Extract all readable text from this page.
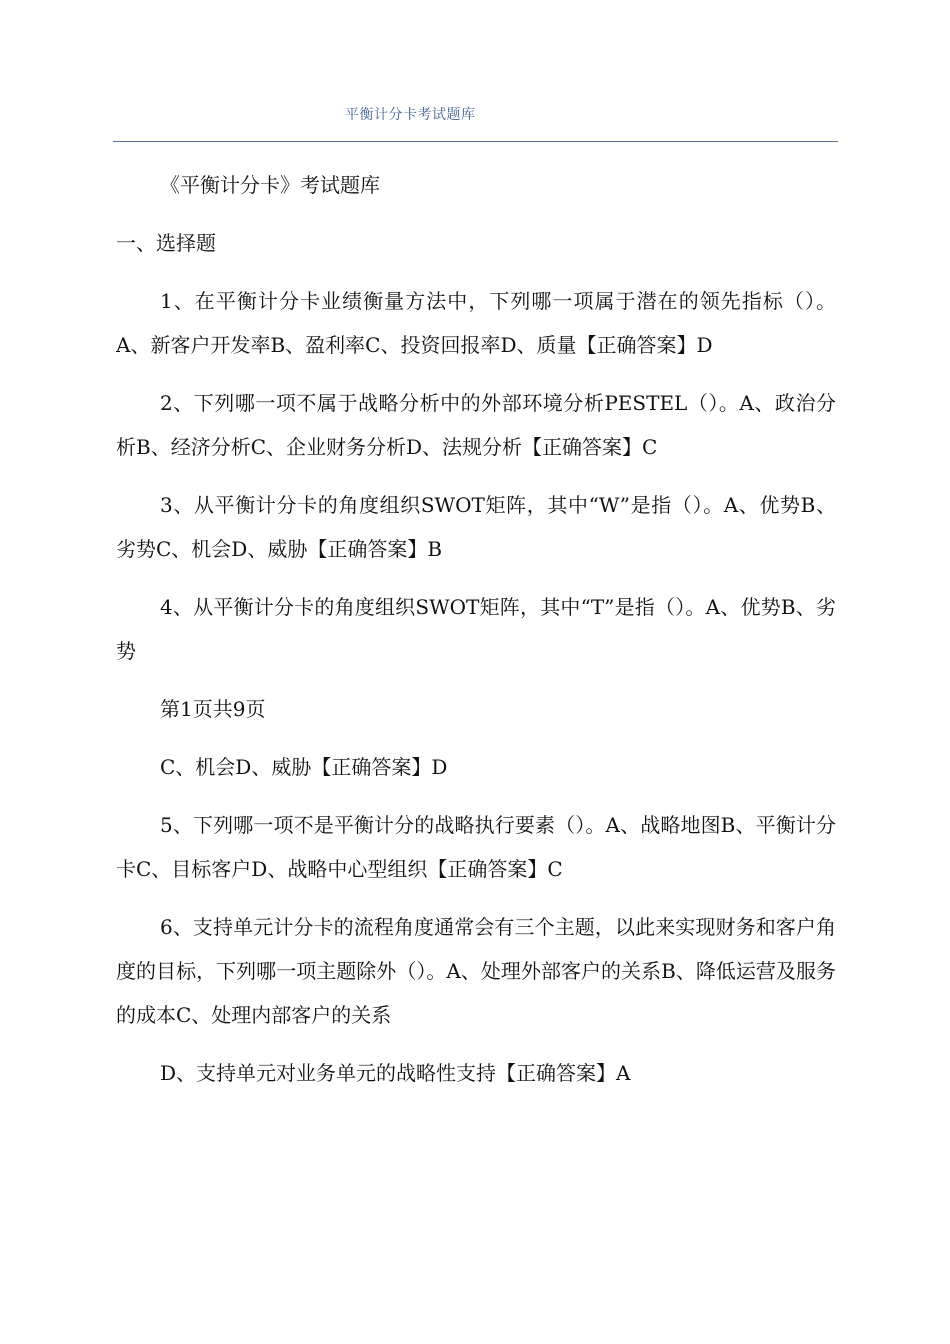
平衡计分卡考试题库

《平衡计分卡》考试题库

一、选择题

1、在平衡计分卡业绩衡量方法中，下列哪一项属于潜在的领先指标（）。A、新客户开发率B、盈利率C、投资回报率D、质量【正确答案】D

2、下列哪一项不属于战略分析中的外部环境分析PESTEL（）。A、政治分析B、经济分析C、企业财务分析D、法规分析【正确答案】C

3、从平衡计分卡的角度组织SWOT矩阵，其中“W”是指（）。A、优势B、劣势C、机会D、威胁【正确答案】B

4、从平衡计分卡的角度组织SWOT矩阵，其中“T”是指（）。A、优势B、劣势

第1页共9页

C、机会D、威胁【正确答案】D

5、下列哪一项不是平衡计分的战略执行要素（）。A、战略地图B、平衡计分卡C、目标客户D、战略中心型组织【正确答案】C

6、支持单元计分卡的流程角度通常会有三个主题，以此来实现财务和客户角度的目标，下列哪一项主题除外（）。A、处理外部客户的关系B、降低运营及服务的成本C、处理内部客户的关系

D、支持单元对业务单元的战略性支持【正确答案】A
